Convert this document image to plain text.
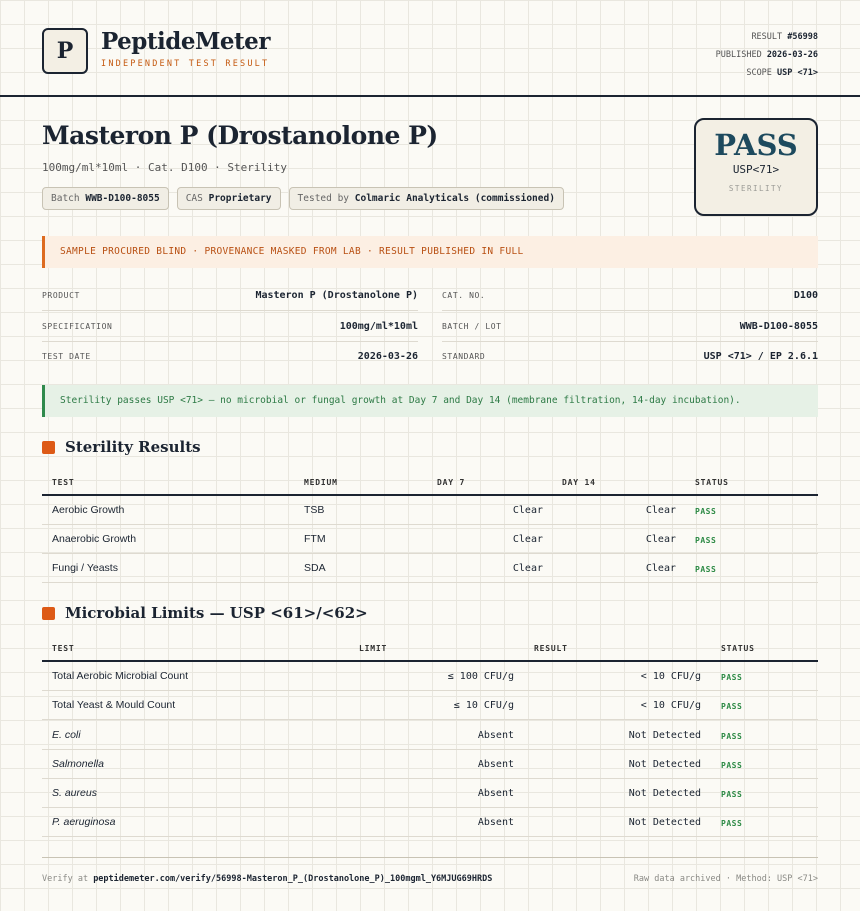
P	PeptideMeter
INDEPENDENT TEST RESULT
RESULT #56998
PUBLISHED 2026-03-26
SCOPE USP <71>
Masteron P (Drostanolone P)
100mg/ml*10ml · Cat. D100 · Sterility
Batch WWB-D100-8055	CAS Proprietary	Tested by Colmaric Analyticals (commissioned)
PASS
USP<71>
STERILITY
SAMPLE PROCURED BLIND · PROVENANCE MASKED FROM LAB · RESULT PUBLISHED IN FULL
PRODUCT	Masteron P (Drostanolone P)
SPECIFICATION	100mg/ml*10ml
TEST DATE	2026-03-26
CAT. NO.	D100
BATCH / LOT	WWB-D100-8055
STANDARD	USP <71> / EP 2.6.1
Sterility passes USP <71> — no microbial or fungal growth at Day 7 and Day 14 (membrane filtration, 14-day incubation).
Sterility Results
TEST	MEDIUM	DAY 7	DAY 14	STATUS
Aerobic Growth	TSB	Clear	Clear PASS
Anaerobic Growth	FTM	Clear	Clear PASS
Fungi / Yeasts	SDA	Clear	Clear PASS
Microbial Limits — USP <61>/<62>
TEST	LIMIT	RESULT	STATUS
Total Aerobic Microbial Count	≤ 100 CFU/g	< 10 CFU/g	PASS
Total Yeast & Mould Count	≤ 10 CFU/g	< 10 CFU/g	PASS
E. coli	Absent	Not Detected	PASS
Salmonella	Absent	Not Detected	PASS
S. aureus	Absent	Not Detected	PASS
P. aeruginosa	Absent	Not Detected	PASS
Verify at peptidemeter.com/verify/56998-Masteron_P_(Drostanolone_P)_100mgml_Y6MJUG69HRDS	Raw data archived · Method: USP <71>
